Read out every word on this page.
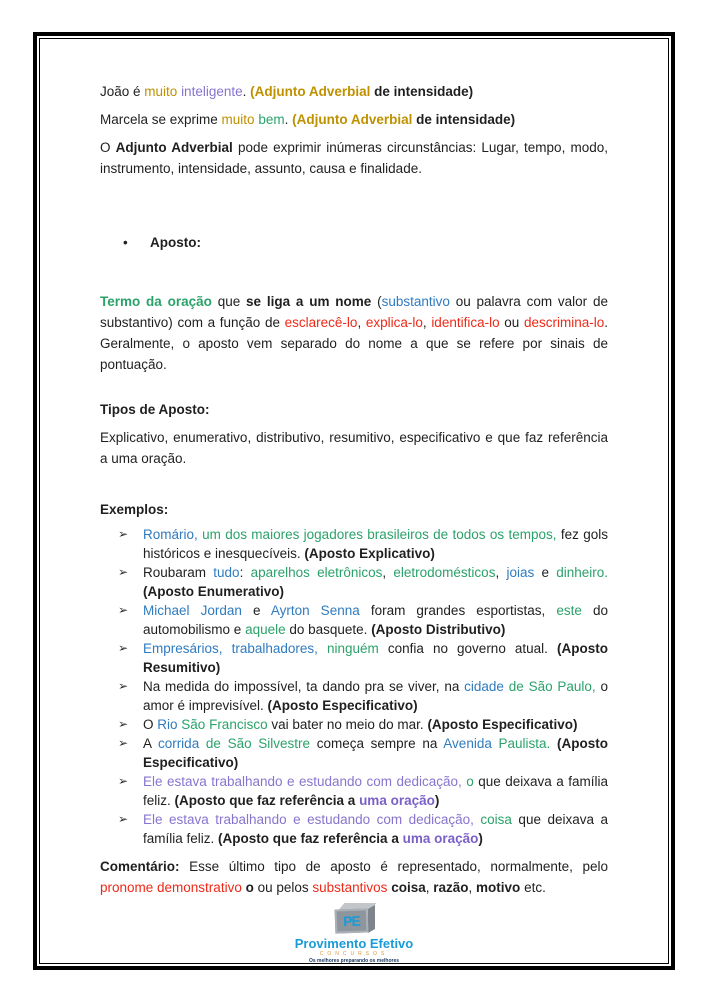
João é muito inteligente. (Adjunto Adverbial de intensidade)

Marcela se exprime muito bem. (Adjunto Adverbial de intensidade)

O Adjunto Adverbial pode exprimir inúmeras circunstâncias: Lugar, tempo, modo, instrumento, intensidade, assunto, causa e finalidade.

•	Aposto:

Termo da oração que se liga a um nome (substantivo ou palavra com valor de substantivo) com a função de esclarecê-lo, explica-lo, identifica-lo ou descrimina-lo. Geralmente, o aposto vem separado do nome a que se refere por sinais de pontuação.

Tipos de Aposto:

Explicativo, enumerativo, distributivo, resumitivo, especificativo e que faz referência a uma oração.

Exemplos:

➢	Romário, um dos maiores jogadores brasileiros de todos os tempos, fez gols históricos e inesquecíveis. (Aposto Explicativo)
➢	Roubaram tudo: aparelhos eletrônicos, eletrodomésticos, joias e dinheiro. (Aposto Enumerativo)
➢	Michael Jordan e Ayrton Senna foram grandes esportistas, este do automobilismo e aquele do basquete. (Aposto Distributivo)
➢	Empresários, trabalhadores, ninguém confia no governo atual. (Aposto Resumitivo)
➢	Na medida do impossível, ta dando pra se viver, na cidade de São Paulo, o amor é imprevisível. (Aposto Especificativo)
➢	O Rio São Francisco vai bater no meio do mar. (Aposto Especificativo)
➢	A corrida de São Silvestre começa sempre na Avenida Paulista. (Aposto Especificativo)
➢	Ele estava trabalhando e estudando com dedicação, o que deixava a família feliz. (Aposto que faz referência a uma oração)
➢	Ele estava trabalhando e estudando com dedicação, coisa que deixava a família feliz. (Aposto que faz referência a uma oração)

Comentário: Esse último tipo de aposto é representado, normalmente, pelo pronome demonstrativo o ou pelos substantivos coisa, razão, motivo etc.

PE
Provimento Efetivo
CONCURSOS
Os melhores preparando os melhores
